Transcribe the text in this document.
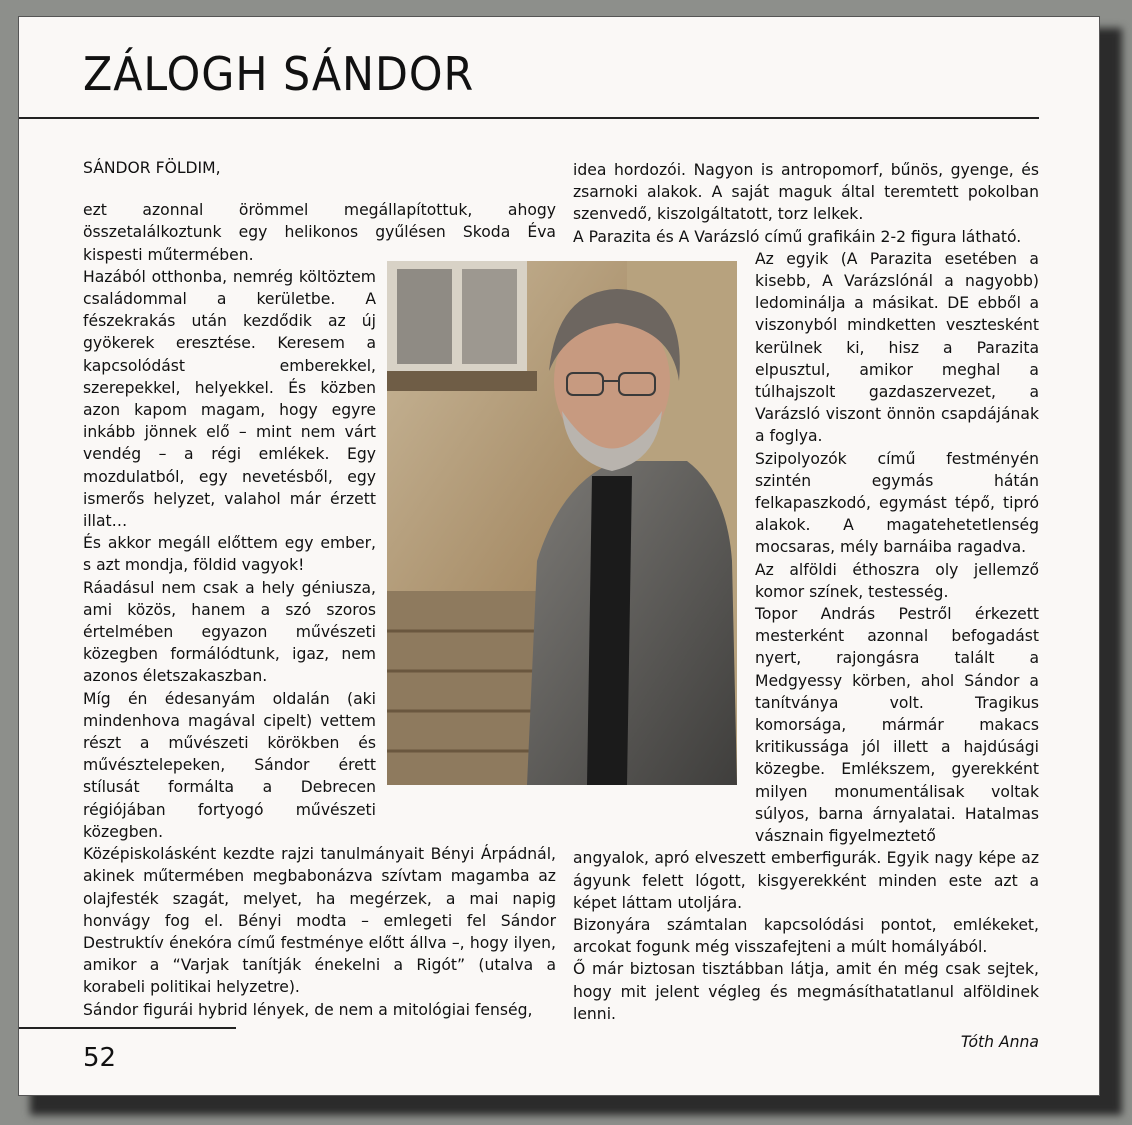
ZÁLOGH SÁNDOR

SÁNDOR FÖLDIM,

ezt azonnal örömmel megállapítottuk, ahogy összetalálkoztunk egy helikonos gyűlésen Skoda Éva kispesti műtermében.

Hazából otthonba, nemrég költöztem családommal a kerületbe. A fészekrakás után kezdődik az új gyökerek eresztése. Keresem a kapcsolódást emberekkel, szerepekkel, helyekkel. És közben azon kapom magam, hogy egyre inkább jönnek elő – mint nem várt vendég – a régi emlékek. Egy mozdulatból, egy nevetésből, egy ismerős helyzet, valahol már érzett illat…

És akkor megáll előttem egy ember, s azt mondja, földid vagyok!

Ráadásul nem csak a hely géniusza, ami közös, hanem a szó szoros értelmében egyazon művészeti közegben formálódtunk, igaz, nem azonos életszakaszban.

Míg én édesanyám oldalán (aki mindenhova magával cipelt) vettem részt a művészeti körökben és művésztelepeken, Sándor érett stílusát formálta a Debrecen régiójában fortyogó művészeti közegben.

Középiskolásként kezdte rajzi tanulmányait Bényi Árpádnál, akinek műtermében megbabonázva szívtam magamba az olajfesték szagát, melyet, ha megérzek, a mai napig honvágy fog el. Bényi modta – emlegeti fel Sándor Destruktív énekóra című festménye előtt állva –, hogy ilyen, amikor a “Varjak tanítják énekelni a Rigót” (utalva a korabeli politikai helyzetre).

Sándor figurái hybrid lények, de nem a mitológiai fenség,

idea hordozói. Nagyon is antropomorf, bűnös, gyenge, és zsarnoki alakok. A saját maguk által teremtett pokolban szenvedő, kiszolgáltatott, torz lelkek.

A Parazita és A Varázsló című grafikáin 2-2 figura látható.

Az egyik (A Parazita esetében a kisebb, A Varázslónál a nagyobb) ledominálja a másikat. DE ebből a viszonyból mindketten vesztesként kerülnek ki, hisz a Parazita elpusztul, amikor meghal a túlhajszolt gazdaszervezet, a Varázsló viszont önnön csapdájának a foglya.

Szipolyozók című festményén szintén egymás hátán felkapaszkodó, egymást tépő, tipró alakok. A magatehetetlenség mocsaras, mély barnáiba ragadva.

Az alföldi éthoszra oly jellemző komor színek, testesség.

Topor András Pestről érkezett mesterként azonnal befogadást nyert, rajongásra talált a Medgyessy körben, ahol Sándor a tanítványa volt. Tragikus komorsága, mármár makacs kritikussága jól illett a hajdúsági közegbe. Emlékszem, gyerekként milyen monumentálisak voltak súlyos, barna árnyalatai. Hatalmas vásznain figyelmeztető

angyalok, apró elveszett emberfigurák. Egyik nagy képe az ágyunk felett lógott, kisgyerekként minden este azt a képet láttam utoljára.

Bizonyára számtalan kapcsolódási pontot, emlékeket, arcokat fogunk még visszafejteni a múlt homályából.

Ő már biztosan tisztábban látja, amit én még csak sejtek, hogy mit jelent végleg és megmásíthatatlanul alföldinek lenni.

Tóth Anna

52
